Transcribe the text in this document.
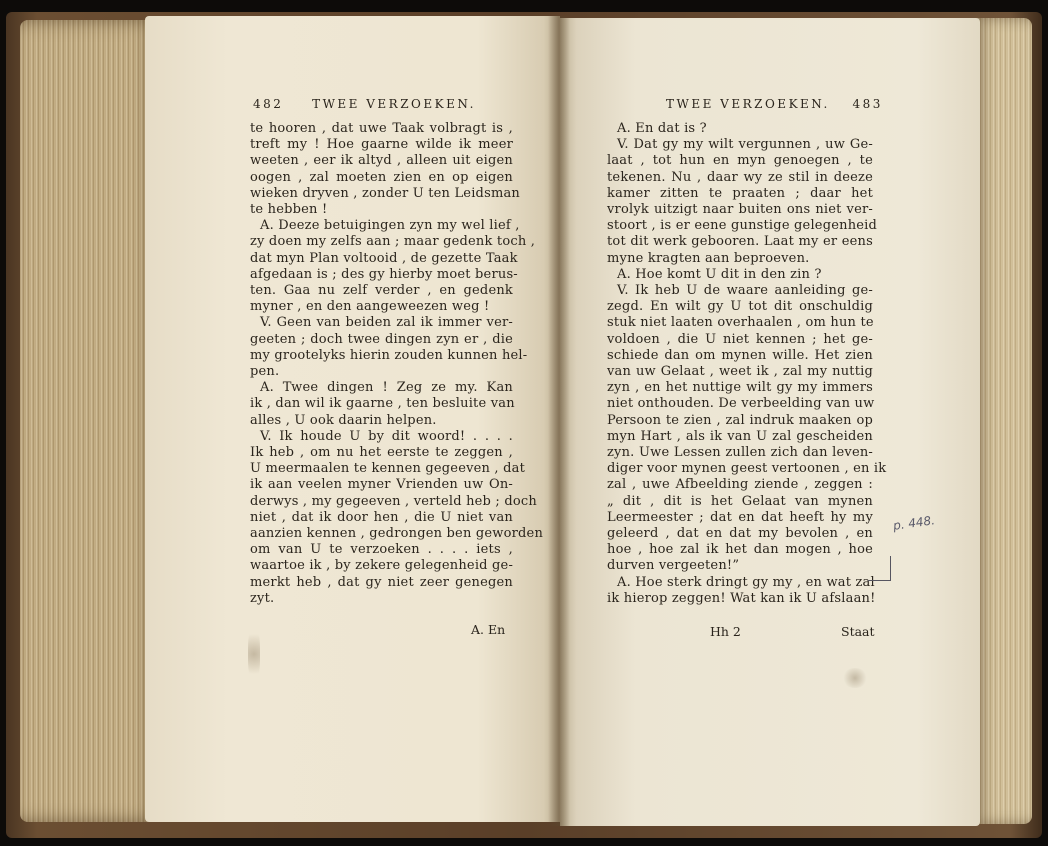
482 TWEE VERZOEKEN.
te hooren , dat uwe Taak volbragt is ,
treft my ! Hoe gaarne wilde ik meer
weeten , eer ik altyd , alleen uit eigen
oogen , zal moeten zien en op eigen
wieken dryven , zonder U ten Leidsman
te hebben !
A. Deeze betuigingen zyn my wel lief ,
zy doen my zelfs aan ; maar gedenk toch ,
dat myn Plan voltooid , de gezette Taak
afgedaan is ; des gy hierby moet berus-
ten. Gaa nu zelf verder , en gedenk
myner , en den aangeweezen weg !
V. Geen van beiden zal ik immer ver-
geeten ; doch twee dingen zyn er , die
my grootelyks hierin zouden kunnen hel-
pen.
A. Twee dingen ! Zeg ze my. Kan
ik , dan wil ik gaarne , ten besluite van
alles , U ook daarin helpen.
V. Ik houde U by dit woord! . . . .
Ik heb , om nu het eerste te zeggen ,
U meermaalen te kennen gegeeven , dat
ik aan veelen myner Vrienden uw On-
derwys , my gegeeven , verteld heb ; doch
niet , dat ik door hen , die U niet van
aanzien kennen , gedrongen ben geworden
om van U te verzoeken . . . . iets ,
waartoe ik , by zekere gelegenheid ge-
merkt heb , dat gy niet zeer genegen
zyt.
A. En
TWEE VERZOEKEN. 483
A. En dat is ?
V. Dat gy my wilt vergunnen , uw Ge-
laat , tot hun en myn genoegen , te
tekenen. Nu , daar wy ze stil in deeze
kamer zitten te praaten ; daar het
vrolyk uitzigt naar buiten ons niet ver-
stoort , is er eene gunstige gelegenheid
tot dit werk gebooren. Laat my er eens
myne kragten aan beproeven.
A. Hoe komt U dit in den zin ?
V. Ik heb U de waare aanleiding ge-
zegd. En wilt gy U tot dit onschuldig
stuk niet laaten overhaalen , om hun te
voldoen , die U niet kennen ; het ge-
schiede dan om mynen wille. Het zien
van uw Gelaat , weet ik , zal my nuttig
zyn , en het nuttige wilt gy my immers
niet onthouden. De verbeelding van uw
Persoon te zien , zal indruk maaken op
myn Hart , als ik van U zal gescheiden
zyn. Uwe Lessen zullen zich dan leven-
diger voor mynen geest vertoonen , en ik
zal , uwe Afbeelding ziende , zeggen :
„ dit , dit is het Gelaat van mynen
Leermeester ; dat en dat heeft hy my
geleerd , dat en dat my bevolen , en
hoe , hoe zal ik het dan mogen , hoe
durven vergeeten!”
A. Hoe sterk dringt gy my , en wat zal
ik hierop zeggen! Wat kan ik U afslaan!
Hh 2	Staat
p. 448.
